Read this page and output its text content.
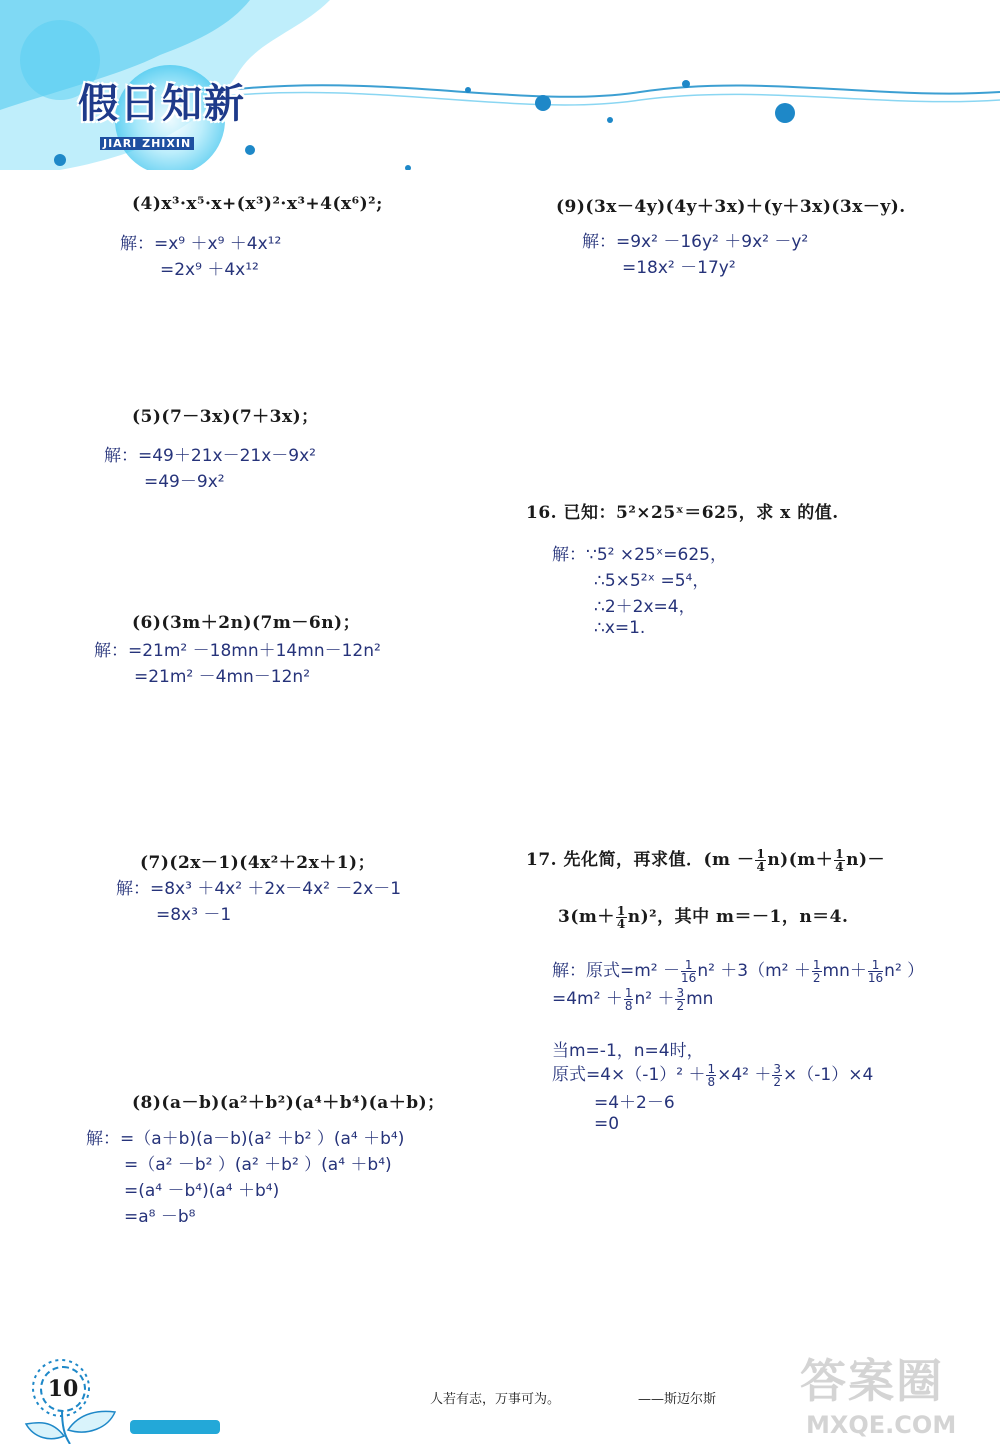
假日知新
JIARI ZHIXIN
(4)x³·x⁵·x+(x³)²·x³+4(x⁶)²;
解：=x⁹ ＋x⁹ ＋4x¹²
=2x⁹ ＋4x¹²
(9)(3x－4y)(4y＋3x)＋(y＋3x)(3x－y).
解：=9x² －16y² ＋9x² －y²
=18x² －17y²
(5)(7－3x)(7＋3x)；
解：=49＋21x－21x－9x²
=49－9x²
16. 已知：5²×25ˣ＝625，求 x 的值.
解：∵5² ×25ˣ=625，
∴5×5²ˣ =5⁴，
∴2＋2x=4，
∴x=1.
(6)(3m＋2n)(7m－6n)；
解：=21m² －18mn＋14mn－12n²
=21m² －4mn－12n²
(7)(2x－1)(4x²＋2x＋1)；
解：=8x³ ＋4x² ＋2x－4x² －2x－1
=8x³ －1
17. 先化简，再求值．$(m - \frac{1}{4} n)(m+ \frac{1}{4} n)-$
$3(m+ \frac{1}{4} n)^2$，其中 m＝－1，n＝4.
解：原式$=m^2 - \frac{1}{16} n^2 +3(m^2 + \frac{1}{2} mn+ \frac{1}{16} n^2$ ）
$=4m^2 + \frac{1}{8} n^2 + \frac{3}{2}$ mn
当m=-1，n=4时，
原式$=4\times(-1)^2 + \frac{1}{8} \times 4^2 + \frac{3}{2} \times(-1)\times 4$
=4＋2－6
=0
(8)(a－b)(a²＋b²)(a⁴＋b⁴)(a＋b)；
解：=（a＋b)(a－b)(a² ＋b² ）(a⁴ ＋b⁴)
=（a² －b² ）(a² ＋b² ）(a⁴ ＋b⁴)
=(a⁴ －b⁴)(a⁴ ＋b⁴)
=a⁸ －b⁸
10	人若有志，万事可为。	——斯迈尔斯 答案圈
MXQE.COM
